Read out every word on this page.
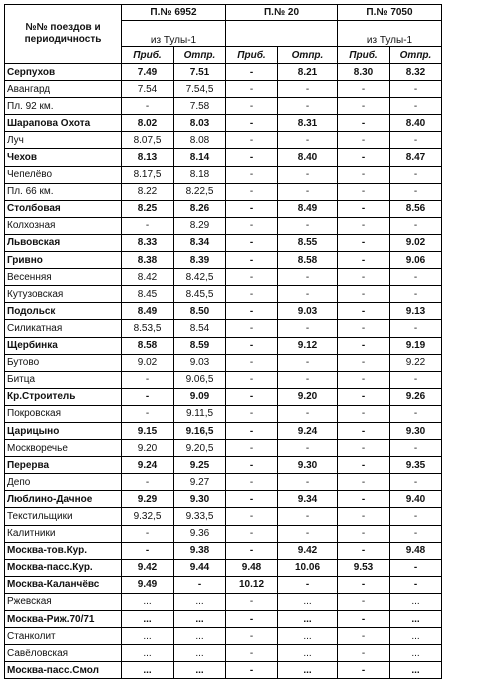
№№ поездов и периодичность	П.№ 6952		П.№ 20		П.№ 7050	
	из Тулы-1				из Тулы-1	
	Приб.	Отпр.	Приб.	Отпр.	Приб.	Отпр.
Серпухов	7.49	7.51	-	8.21	8.30	8.32
Авангард	7.54	7.54,5	-	-	-	-
Пл. 92 км.	-	7.58	-	-	-	-
Шарапова Охота	8.02	8.03	-	8.31	-	8.40
Луч	8.07,5	8.08	-	-	-	-
Чехов	8.13	8.14	-	8.40	-	8.47
Чепелёво	8.17,5	8.18	-	-	-	-
Пл. 66 км.	8.22	8.22,5	-	-	-	-
Столбовая	8.25	8.26	-	8.49	-	8.56
Колхозная	-	8.29	-	-	-	-
Львовская	8.33	8.34	-	8.55	-	9.02
Гривно	8.38	8.39	-	8.58	-	9.06
Весенняя	8.42	8.42,5	-	-	-	-
Кутузовская	8.45	8.45,5	-	-	-	-
Подольск	8.49	8.50	-	9.03	-	9.13
Силикатная	8.53,5	8.54	-	-	-	-
Щербинка	8.58	8.59	-	9.12	-	9.19
Бутово	9.02	9.03	-	-	-	9.22
Битца	-	9.06,5	-	-	-	-
Кр.Строитель	-	9.09	-	9.20	-	9.26
Покровская	-	9.11,5	-	-	-	-
Царицыно	9.15	9.16,5	-	9.24	-	9.30
Москворечье	9.20	9.20,5	-	-	-	-
Перерва	9.24	9.25	-	9.30	-	9.35
Депо	-	9.27	-	-	-	-
Люблино-Дачное	9.29	9.30	-	9.34	-	9.40
Текстильщики	9.32,5	9.33,5	-	-	-	-
Калитники	-	9.36	-	-	-	-
Москва-тов.Кур.	-	9.38	-	9.42	-	9.48
Москва-пасс.Кур.	9.42	9.44	9.48	10.06	9.53	-
Москва-Каланчёвс	9.49	-	10.12	-	-	-
Ржевская	...	...	-	...	-	...
Москва-Риж.70/71	...	...	-	...	-	...
Станколит	...	...	-	...	-	...
Савёловская	...	...	-	...	-	...
Москва-пасс.Смол	...	...	-	...	-	...
